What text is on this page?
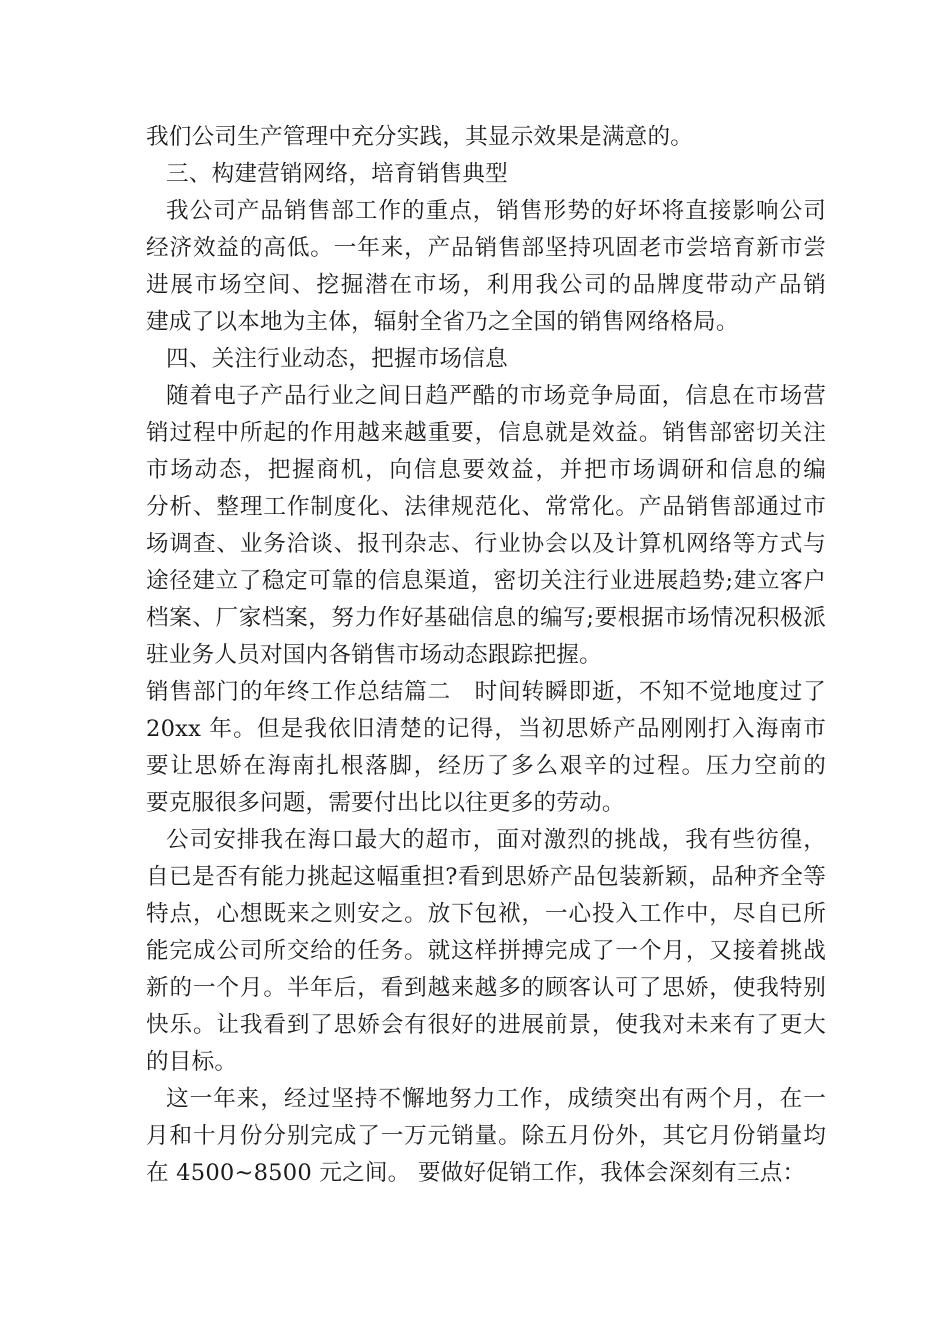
我们公司生产管理中充分实践，其显示效果是满意的。
三、构建营销网络，培育销售典型
我公司产品销售部工作的重点，销售形势的好坏将直接影响公司
经济效益的高低。一年来，产品销售部坚持巩固老市尝培育新市尝
进展市场空间、挖掘潜在市场，利用我公司的品牌度带动产品销
建成了以本地为主体，辐射全省乃之全国的销售网络格局。
四、关注行业动态，把握市场信息
随着电子产品行业之间日趋严酷的市场竞争局面，信息在市场营
销过程中所起的作用越来越重要，信息就是效益。销售部密切关注
市场动态，把握商机，向信息要效益，并把市场调研和信息的编
分析、整理工作制度化、法律规范化、常常化。产品销售部通过市
场调查、业务洽谈、报刊杂志、行业协会以及计算机网络等方式与
途径建立了稳定可靠的信息渠道，密切关注行业进展趋势;建立客户
档案、厂家档案，努力作好基础信息的编写;要根据市场情况积极派
驻业务人员对国内各销售市场动态跟踪把握。
销售部门的年终工作总结篇二　时间转瞬即逝，不知不觉地度过了
20xx 年。但是我依旧清楚的记得，当初思娇产品刚刚打入海南市
要让思娇在海南扎根落脚，经历了多么艰辛的过程。压力空前的
要克服很多问题，需要付出比以往更多的劳动。
公司安排我在海口最大的超市，面对激烈的挑战，我有些彷徨，
自已是否有能力挑起这幅重担?看到思娇产品包装新颖，品种齐全等
特点，心想既来之则安之。放下包袱，一心投入工作中，尽自已所
能完成公司所交给的任务。就这样拼搏完成了一个月，又接着挑战
新的一个月。半年后，看到越来越多的顾客认可了思娇，使我特别
快乐。让我看到了思娇会有很好的进展前景，使我对未来有了更大
的目标。
这一年来，经过坚持不懈地努力工作，成绩突出有两个月，在一
月和十月份分别完成了一万元销量。除五月份外，其它月份销量均
在 4500~8500 元之间。 要做好促销工作，我体会深刻有三点：
